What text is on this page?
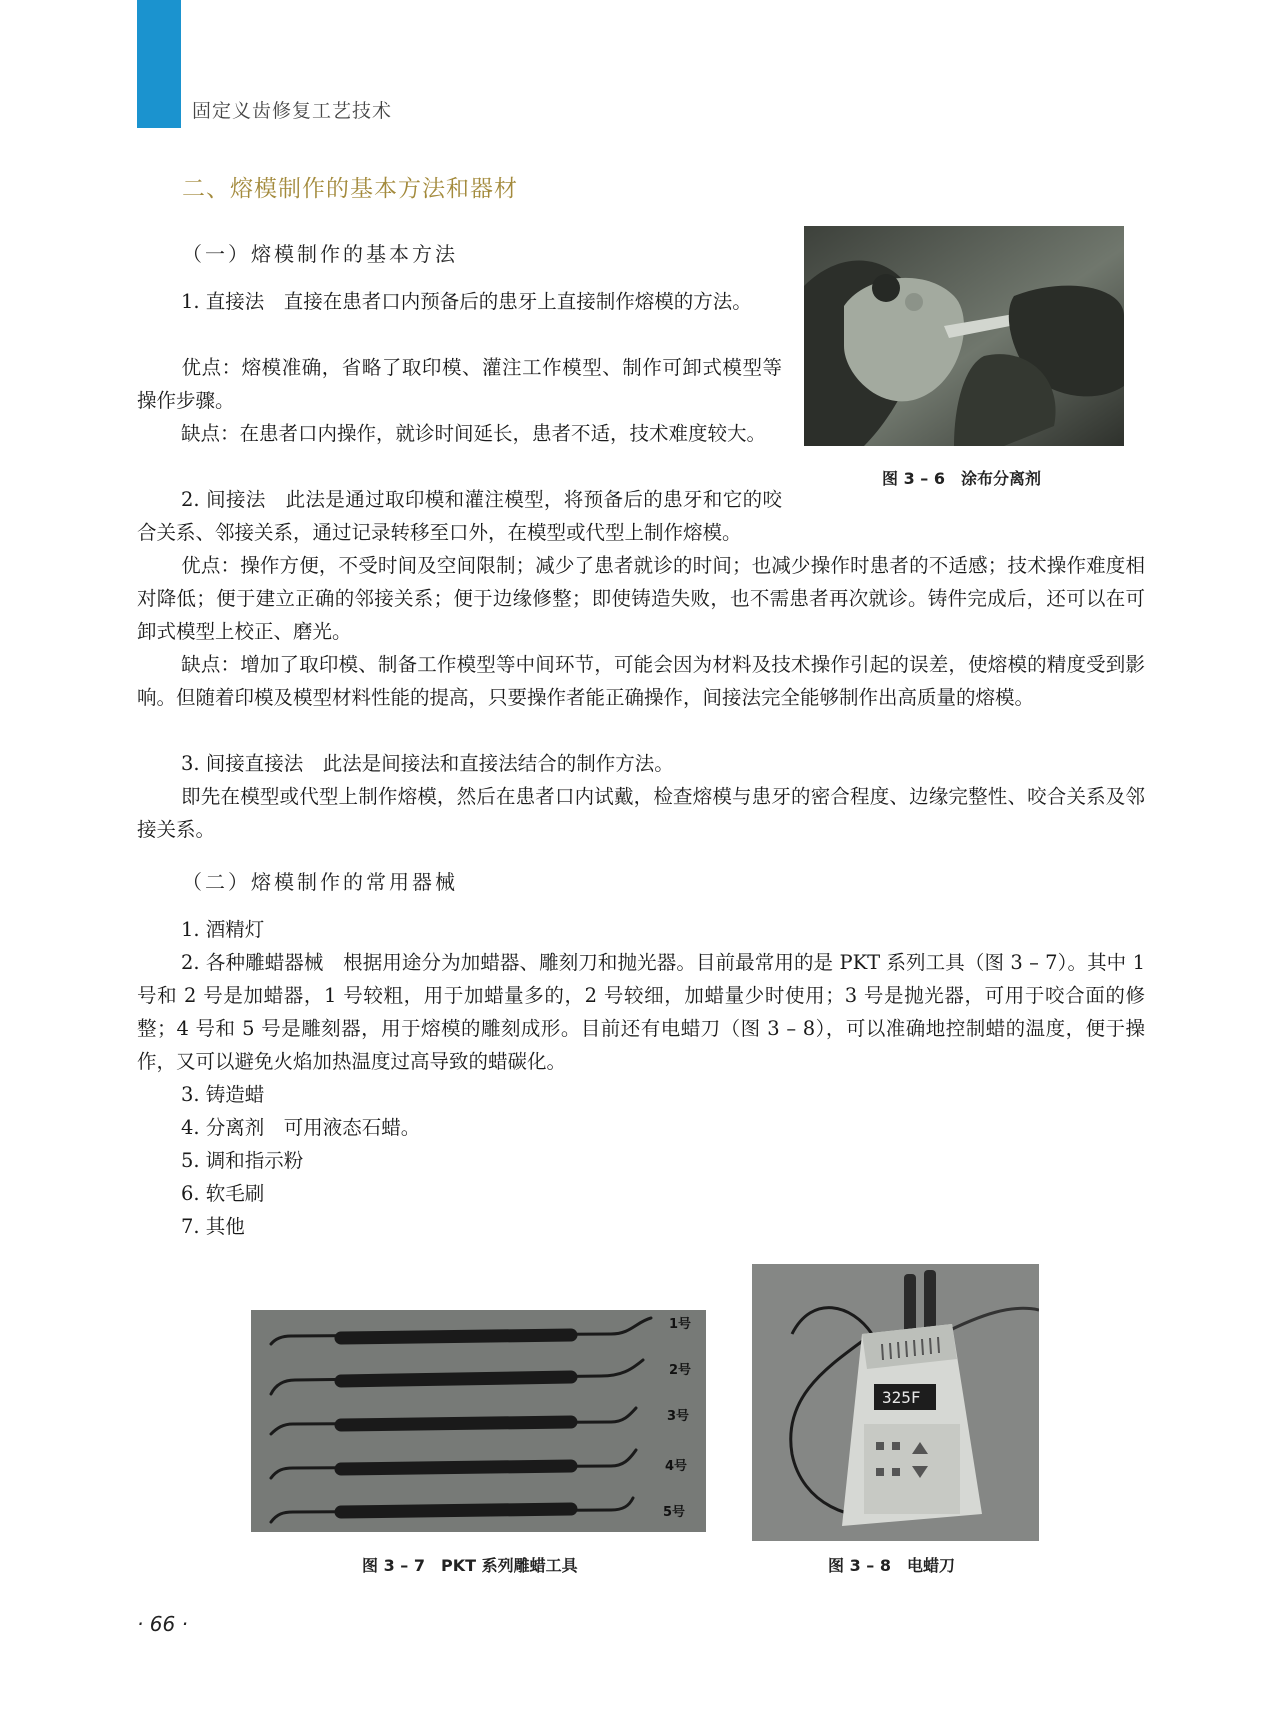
固定义齿修复工艺技术
二、熔模制作的基本方法和器材
（一）熔模制作的基本方法
图 3 – 6　涂布分离剂

1. 直接法　直接在患者口内预备后的患牙上直接制作熔模的方法。

优点：熔模准确，省略了取印模、灌注工作模型、制作可卸式模型等操作步骤。

缺点：在患者口内操作，就诊时间延长，患者不适，技术难度较大。

2. 间接法　此法是通过取印模和灌注模型，将预备后的患牙和它的咬合关系、邻接关系，通过记录转移至口外，在模型或代型上制作熔模。

优点：操作方便，不受时间及空间限制；减少了患者就诊的时间；也减少操作时患者的不适感；技术操作难度相对降低；便于建立正确的邻接关系；便于边缘修整；即使铸造失败，也不需患者再次就诊。铸件完成后，还可以在可卸式模型上校正、磨光。

缺点：增加了取印模、制备工作模型等中间环节，可能会因为材料及技术操作引起的误差，使熔模的精度受到影响。但随着印模及模型材料性能的提高，只要操作者能正确操作，间接法完全能够制作出高质量的熔模。

3. 间接直接法　此法是间接法和直接法结合的制作方法。

即先在模型或代型上制作熔模，然后在患者口内试戴，检查熔模与患牙的密合程度、边缘完整性、咬合关系及邻接关系。

（二）熔模制作的常用器械

1. 酒精灯

2. 各种雕蜡器械　根据用途分为加蜡器、雕刻刀和抛光器。目前最常用的是 PKT 系列工具（图 3 – 7）。其中 1 号和 2 号是加蜡器，1 号较粗，用于加蜡量多的，2 号较细，加蜡量少时使用；3 号是抛光器，可用于咬合面的修整；4 号和 5 号是雕刻器，用于熔模的雕刻成形。目前还有电蜡刀（图 3 – 8），可以准确地控制蜡的温度，便于操作，又可以避免火焰加热温度过高导致的蜡碳化。

3. 铸造蜡

4. 分离剂　可用液态石蜡。

5. 调和指示粉

6. 软毛刷

7. 其他

1号
2号
3号
4号
5号
图 3 – 7　PKT 系列雕蜡工具
325F
图 3 – 8　电蜡刀
· 66 ·
